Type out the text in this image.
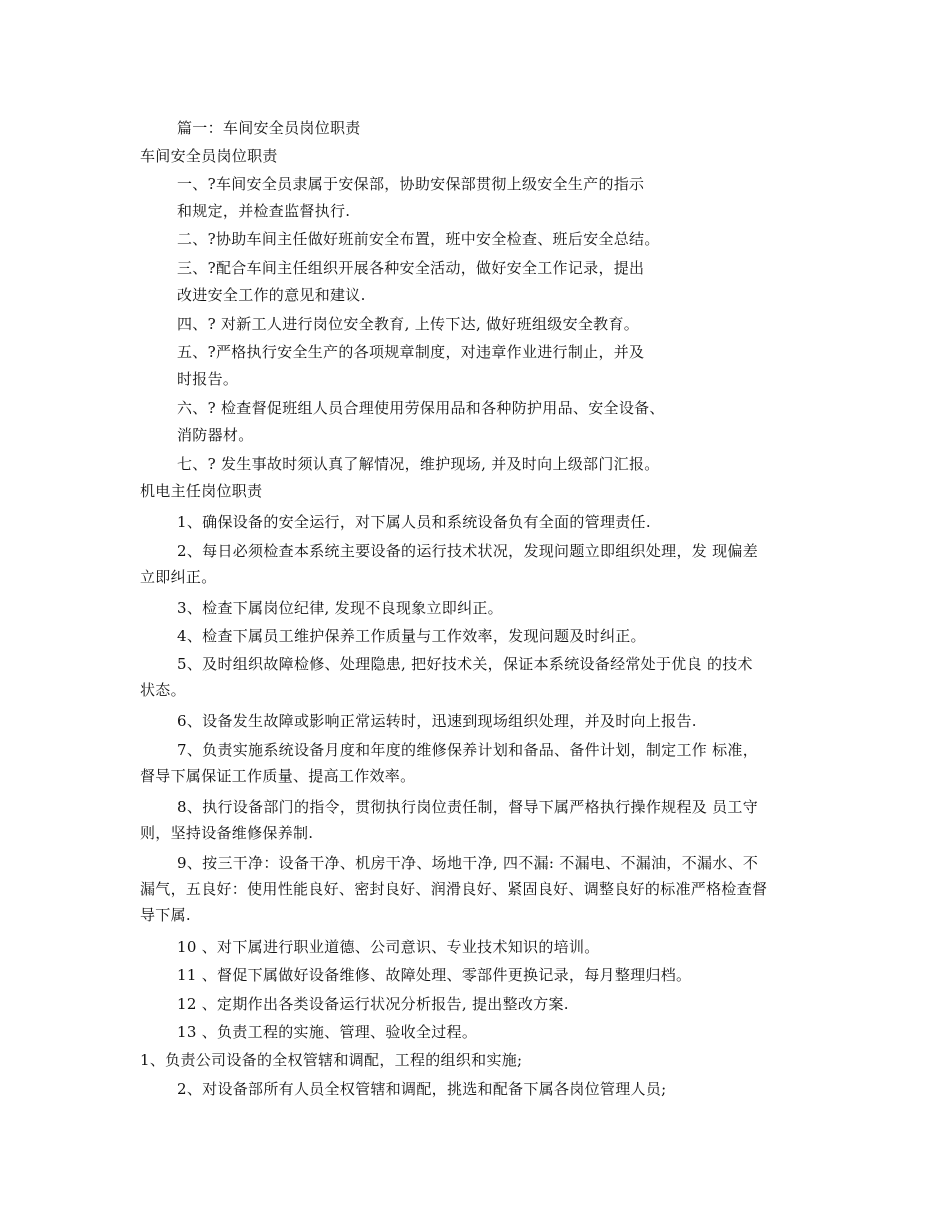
篇一：车间安全员岗位职责
车间安全员岗位职责
一、?车间安全员隶属于安保部，协助安保部贯彻上级安全生产的指示
和规定，并检查监督执行.
二、?协助车间主任做好班前安全布置，班中安全检查、班后安全总结。
三、?配合车间主任组织开展各种安全活动，做好安全工作记录，提出
改进安全工作的意见和建议.
四、? 对新工人进行岗位安全教育, 上传下达, 做好班组级安全教育。
五、?严格执行安全生产的各项规章制度，对违章作业进行制止，并及
时报告。
六、? 检查督促班组人员合理使用劳保用品和各种防护用品、安全设备、
消防器材。
七、? 发生事故时须认真了解情况，维护现场, 并及时向上级部门汇报。
机电主任岗位职责
1、确保设备的安全运行，对下属人员和系统设备负有全面的管理责任.
2、每日必须检查本系统主要设备的运行技术状况，发现问题立即组织处理，发 现偏差
立即纠正。
3、检查下属岗位纪律, 发现不良现象立即纠正。
4、检查下属员工维护保养工作质量与工作效率，发现问题及时纠正。
5、及时组织故障检修、处理隐患, 把好技术关，保证本系统设备经常处于优良 的技术
状态。
6、设备发生故障或影响正常运转时，迅速到现场组织处理，并及时向上报告.
7、负责实施系统设备月度和年度的维修保养计划和备品、备件计划，制定工作 标准，
督导下属保证工作质量、提高工作效率。
8、执行设备部门的指令，贯彻执行岗位责任制，督导下属严格执行操作规程及 员工守
则，坚持设备维修保养制.
9、按三干净：设备干净、机房干净、场地干净, 四不漏: 不漏电、不漏油，不漏水、不
漏气，五良好：使用性能良好、密封良好、润滑良好、紧固良好、调整良好的标准严格检查督
导下属.
10 、对下属进行职业道德、公司意识、专业技术知识的培训。
11 、督促下属做好设备维修、故障处理、零部件更换记录，每月整理归档。
12 、定期作出各类设备运行状况分析报告, 提出整改方案.
13 、负责工程的实施、管理、验收全过程。
1、负责公司设备的全权管辖和调配，工程的组织和实施;
2、对设备部所有人员全权管辖和调配，挑选和配备下属各岗位管理人员;
